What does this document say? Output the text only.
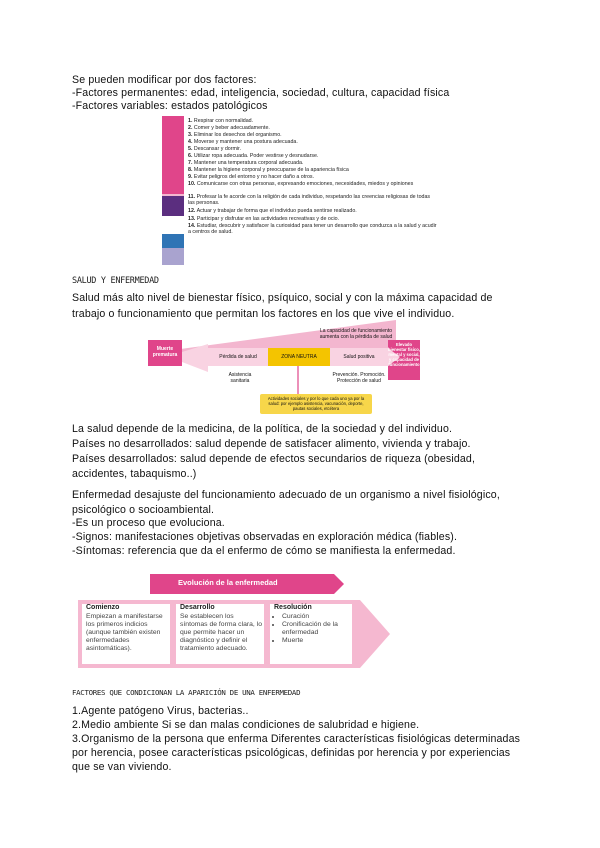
Se pueden modificar por dos factores:
-Factores permanentes: edad, inteligencia, sociedad, cultura, capacidad física
-Factores variables: estados patológicos
1. Respirar con normalidad.
2. Comer y beber adecuadamente.
3. Eliminar los desechos del organismo.
4. Moverse y mantener una postura adecuada.
5. Descansar y dormir.
6. Utilizar ropa adecuada. Poder vestirse y desnudarse.
7. Mantener una temperatura corporal adecuada.
8. Mantener la higiene corporal y preocuparse de la apariencia física
9. Evitar peligros del entorno y no hacer daño a otros.
10. Comunicarse con otras personas, expresando emociones, necesidades, miedos y opiniones
11. Profesar la fe acorde con la religión de cada individuo, respetando las creencias religiosas de todas las personas.
12. Actuar y trabajar de forma que el individuo pueda sentirse realizado.
13. Participar y disfrutar en las actividades recreativas y de ocio.
14. Estudiar, descubrir y satisfacer la curiosidad para tener un desarrollo que conduzca a la salud y acudir a centros de salud.
SALUD Y ENFERMEDAD
Salud más alto nivel de bienestar físico, psíquico, social y con la máxima capacidad de trabajo o funcionamiento que permitan los factores en los que vive el individuo.
La capacidad de funcionamiento aumenta con la pérdida de salud
Muerte prematura
Elevado bienestar físico, mental y social, y capacidad de funcionamiento
Pérdida de salud	ZONA NEUTRA	Salud positiva
Asistencia sanitaria
Prevención. Promoción. Protección de salud
Actividades sociales y por lo que cada uno ya por la salud: por ejemplo asistencia, vacunación, deporte, pautas sociales, etcétera
La salud depende de la medicina, de la política, de la sociedad y del individuo.
Países no desarrollados: salud depende de satisfacer alimento, vivienda y trabajo.
Países desarrollados: salud depende de efectos secundarios de riqueza (obesidad, accidentes, tabaquismo..)
Enfermedad desajuste del funcionamiento adecuado de un organismo a nivel fisiológico, psicológico o socioambiental.
-Es un proceso que evoluciona.
-Signos: manifestaciones objetivas observadas en exploración médica (fiables).
-Síntomas: referencia que da el enfermo de cómo se manifiesta la enfermedad.
Evolución de la enfermedad
Comienzo
Empiezan a manifestarse los primeros indicios (aunque también existen enfermedades asintomáticas).
Desarrollo
Se establecen los síntomas de forma clara, lo que permite hacer un diagnóstico y definir el tratamiento adecuado.
Resolución
• Curación
• Cronificación de la enfermedad
• Muerte
FACTORES QUE CONDICIONAN LA APARICIÓN DE UNA ENFERMEDAD
1.Agente patógeno Virus, bacterias..
2.Medio ambiente Si se dan malas condiciones de salubridad e higiene.
3.Organismo de la persona que enferma Diferentes características fisiológicas determinadas por herencia, posee características psicológicas, definidas por herencia y por experiencias que se van viviendo.
